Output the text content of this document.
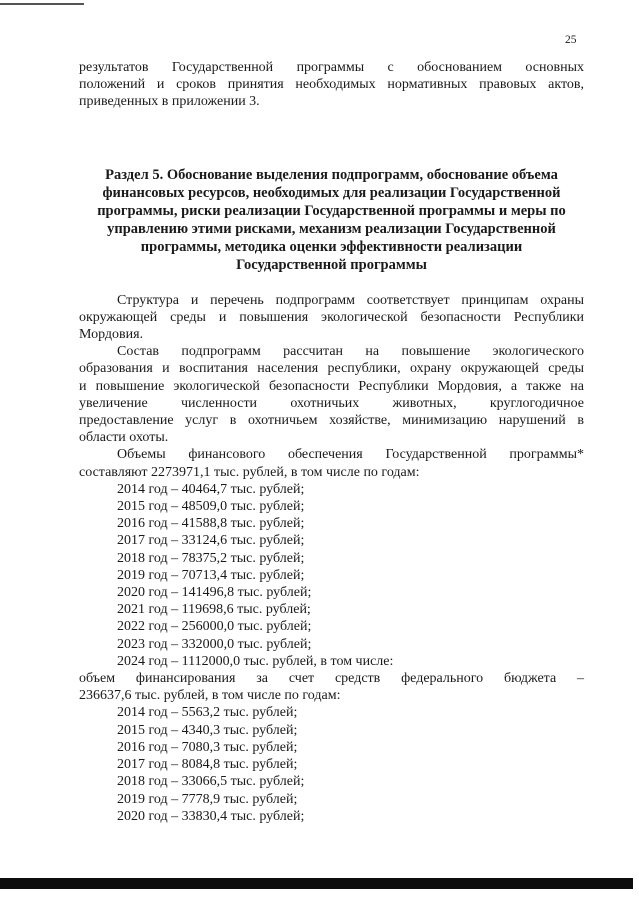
25
результатов Государственной программы с обоснованием основных
положений и сроков принятия необходимых нормативных правовых актов,
приведенных в приложении 3.
Раздел 5. Обоснование выделения подпрограмм, обоснование объема
финансовых ресурсов, необходимых для реализации Государственной
программы, риски реализации Государственной программы и меры по
управлению этими рисками, механизм реализации Государственной
программы, методика оценки эффективности реализации
Государственной программы
Структура и перечень подпрограмм соответствует принципам охраны
окружающей среды и повышения экологической безопасности Республики
Мордовия.
Состав подпрограмм рассчитан на повышение экологического
образования и воспитания населения республики, охрану окружающей среды
и повышение экологической безопасности Республики Мордовия, а также на
увеличение численности охотничьих животных, круглогодичное
предоставление услуг в охотничьем хозяйстве, минимизацию нарушений в
области охоты.
Объемы финансового обеспечения Государственной программы*
составляют 2273971,1 тыс. рублей, в том числе по годам:
2014 год – 40464,7 тыс. рублей;
2015 год – 48509,0 тыс. рублей;
2016 год – 41588,8 тыс. рублей;
2017 год – 33124,6 тыс. рублей;
2018 год – 78375,2 тыс. рублей;
2019 год – 70713,4 тыс. рублей;
2020 год – 141496,8 тыс. рублей;
2021 год – 119698,6 тыс. рублей;
2022 год – 256000,0 тыс. рублей;
2023 год – 332000,0 тыс. рублей;
2024 год – 1112000,0 тыс. рублей, в том числе:
объем финансирования за счет средств федерального бюджета –
236637,6 тыс. рублей, в том числе по годам:
2014 год – 5563,2 тыс. рублей;
2015 год – 4340,3 тыс. рублей;
2016 год – 7080,3 тыс. рублей;
2017 год – 8084,8 тыс. рублей;
2018 год – 33066,5 тыс. рублей;
2019 год – 7778,9 тыс. рублей;
2020 год – 33830,4 тыс. рублей;
